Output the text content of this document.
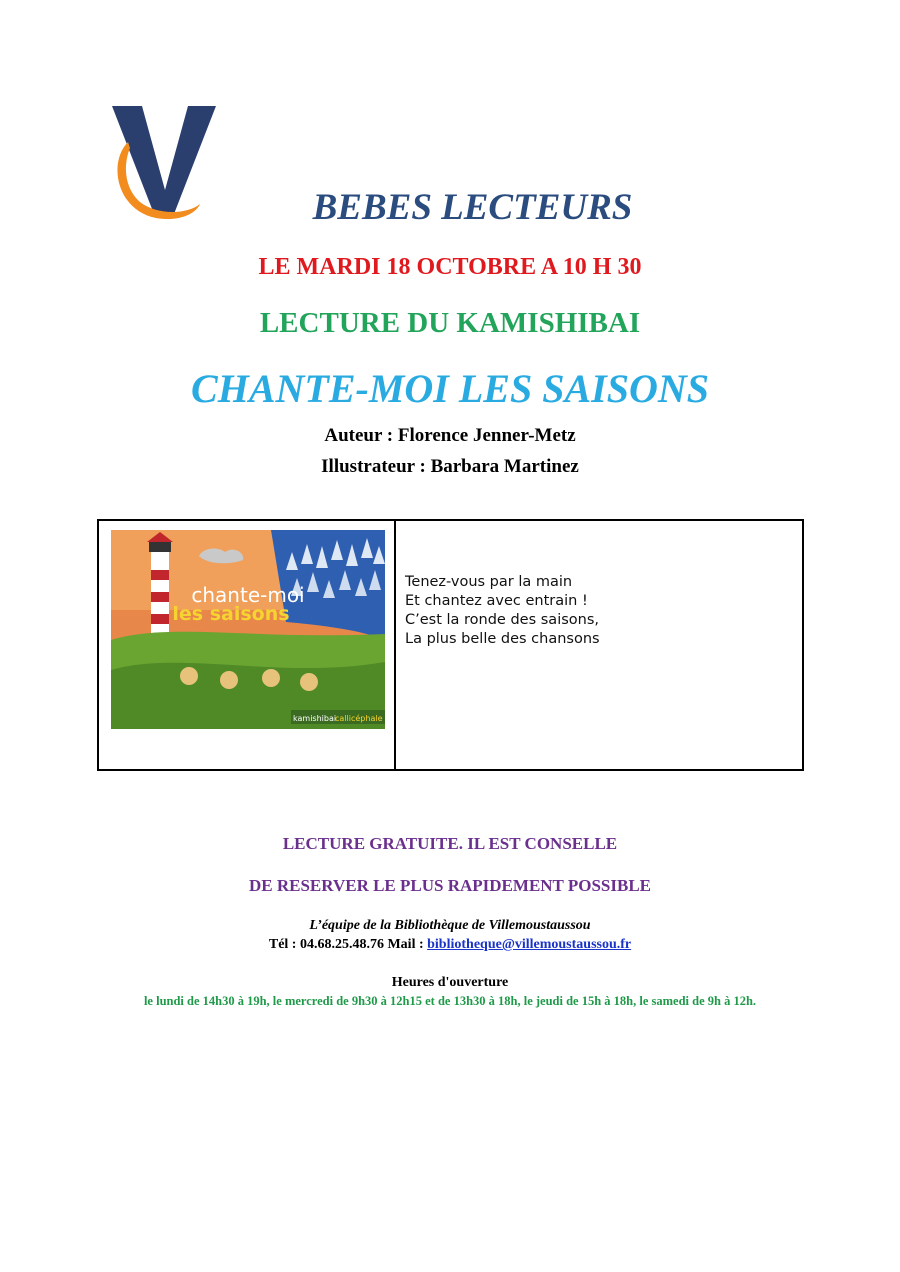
BEBES LECTEURS
LE MARDI 18 OCTOBRE A 10 H 30
LECTURE DU KAMISHIBAI
CHANTE-MOI LES SAISONS
Auteur : Florence Jenner-Metz
Illustrateur : Barbara Martinez
chante-moi
les saisons
kamishibai
callicéphale
Tenez-vous par la main
Et chantez avec entrain !
C’est la ronde des saisons,
La plus belle des chansons
LECTURE GRATUITE. IL EST CONSELLE
DE RESERVER LE PLUS RAPIDEMENT POSSIBLE
L’équipe de la Bibliothèque de Villemoustaussou
Tél : 04.68.25.48.76 Mail : bibliotheque@villemoustaussou.fr
Heures d'ouverture
le lundi de 14h30 à 19h, le mercredi de 9h30 à 12h15 et de 13h30 à 18h, le jeudi de 15h à 18h, le samedi de 9h à 12h.
